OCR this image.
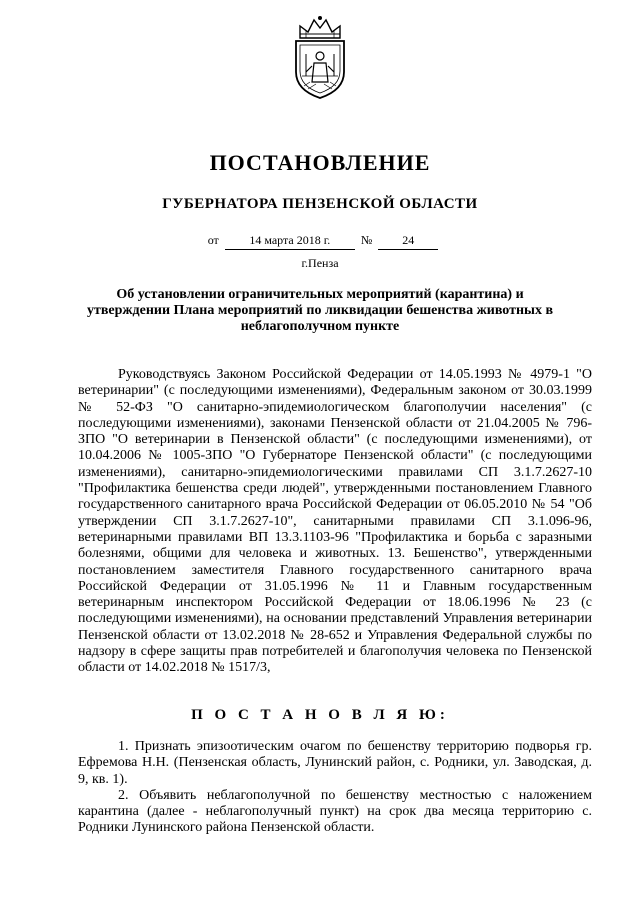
ПОСТАНОВЛЕНИЕ
ГУБЕРНАТОРА ПЕНЗЕНСКОЙ ОБЛАСТИ
от	14 марта 2018 г.	№	24
г.Пенза
Об установлении ограничительных мероприятий (карантина) и утверждении Плана мероприятий по ликвидации бешенства животных в неблагополучном пункте

Руководствуясь Законом Российской Федерации от 14.05.1993 № 4979-1 "О ветеринарии" (с последующими изменениями), Федеральным законом от 30.03.1999 № 52-ФЗ "О санитарно-эпидемиологическом благополучии населения" (с последующими изменениями), законами Пензенской области от 21.04.2005 № 796-ЗПО "О ветеринарии в Пензенской области" (с последующими изменениями), от 10.04.2006 № 1005-ЗПО "О Губернаторе Пензенской области" (с последующими изменениями), санитарно-эпидемиологическими правилами СП 3.1.7.2627-10 "Профилактика бешенства среди людей", утвержденными постановлением Главного государственного санитарного врача Российской Федерации от 06.05.2010 № 54 "Об утверждении СП 3.1.7.2627-10", санитарными правилами СП 3.1.096-96, ветеринарными правилами ВП 13.3.1103-96 "Профилактика и борьба с заразными болезнями, общими для человека и животных. 13. Бешенство", утвержденными постановлением заместителя Главного государственного санитарного врача Российской Федерации от 31.05.1996 № 11 и Главным государственным ветеринарным инспектором Российской Федерации от 18.06.1996 № 23 (с последующими изменениями), на основании представлений Управления ветеринарии Пензенской области от 13.02.2018 № 28-652 и Управления Федеральной службы по надзору в сфере защиты прав потребителей и благополучия человека по Пензенской области от 14.02.2018 № 1517/3,

П О С Т А Н О В Л Я Ю:

1. Признать эпизоотическим очагом по бешенству территорию подворья гр. Ефремова Н.Н. (Пензенская область, Лунинский район, с. Родники, ул. Заводская, д. 9, кв. 1).

2. Объявить неблагополучной по бешенству местностью с наложением карантина (далее - неблагополучный пункт) на срок два месяца территорию с. Родники Лунинского района Пензенской области.
